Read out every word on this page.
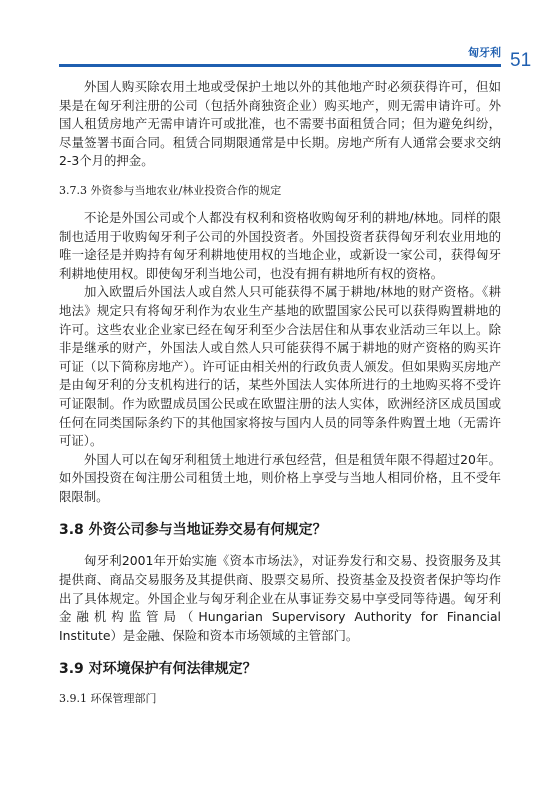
匈牙利 51

外国人购买除农用土地或受保护土地以外的其他地产时必须获得许可，但如果是在匈牙利注册的公司（包括外商独资企业）购买地产，则无需申请许可。外国人租赁房地产无需申请许可或批准，也不需要书面租赁合同；但为避免纠纷，尽量签署书面合同。租赁合同期限通常是中长期。房地产所有人通常会要求交纳2-3个月的押金。

3.7.3 外资参与当地农业/林业投资合作的规定

不论是外国公司或个人都没有权利和资格收购匈牙利的耕地/林地。同样的限制也适用于收购匈牙利子公司的外国投资者。外国投资者获得匈牙利农业用地的唯一途径是并购持有匈牙利耕地使用权的当地企业，或新设一家公司，获得匈牙利耕地使用权。即使匈牙利当地公司，也没有拥有耕地所有权的资格。

加入欧盟后外国法人或自然人只可能获得不属于耕地/林地的财产资格。《耕地法》规定只有将匈牙利作为农业生产基地的欧盟国家公民可以获得购置耕地的许可。这些农业企业家已经在匈牙利至少合法居住和从事农业活动三年以上。除非是继承的财产，外国法人或自然人只可能获得不属于耕地的财产资格的购买许可证（以下简称房地产）。许可证由相关州的行政负责人颁发。但如果购买房地产是由匈牙利的分支机构进行的话，某些外国法人实体所进行的土地购买将不受许可证限制。作为欧盟成员国公民或在欧盟注册的法人实体，欧洲经济区成员国或任何在同类国际条约下的其他国家将按与国内人员的同等条件购置土地（无需许可证）。

外国人可以在匈牙利租赁土地进行承包经营，但是租赁年限不得超过20年。如外国投资在匈注册公司租赁土地，则价格上享受与当地人相同价格，且不受年限限制。

3.8 外资公司参与当地证券交易有何规定？

匈牙利2001年开始实施《资本市场法》，对证券发行和交易、投资服务及其提供商、商品交易服务及其提供商、股票交易所、投资基金及投资者保护等均作出了具体规定。外国企业与匈牙利企业在从事证券交易中享受同等待遇。匈牙利金融机构监管局（Hungarian Supervisory Authority for Financial Institute）是金融、保险和资本市场领域的主管部门。

3.9 对环境保护有何法律规定？
3.9.1 环保管理部门
